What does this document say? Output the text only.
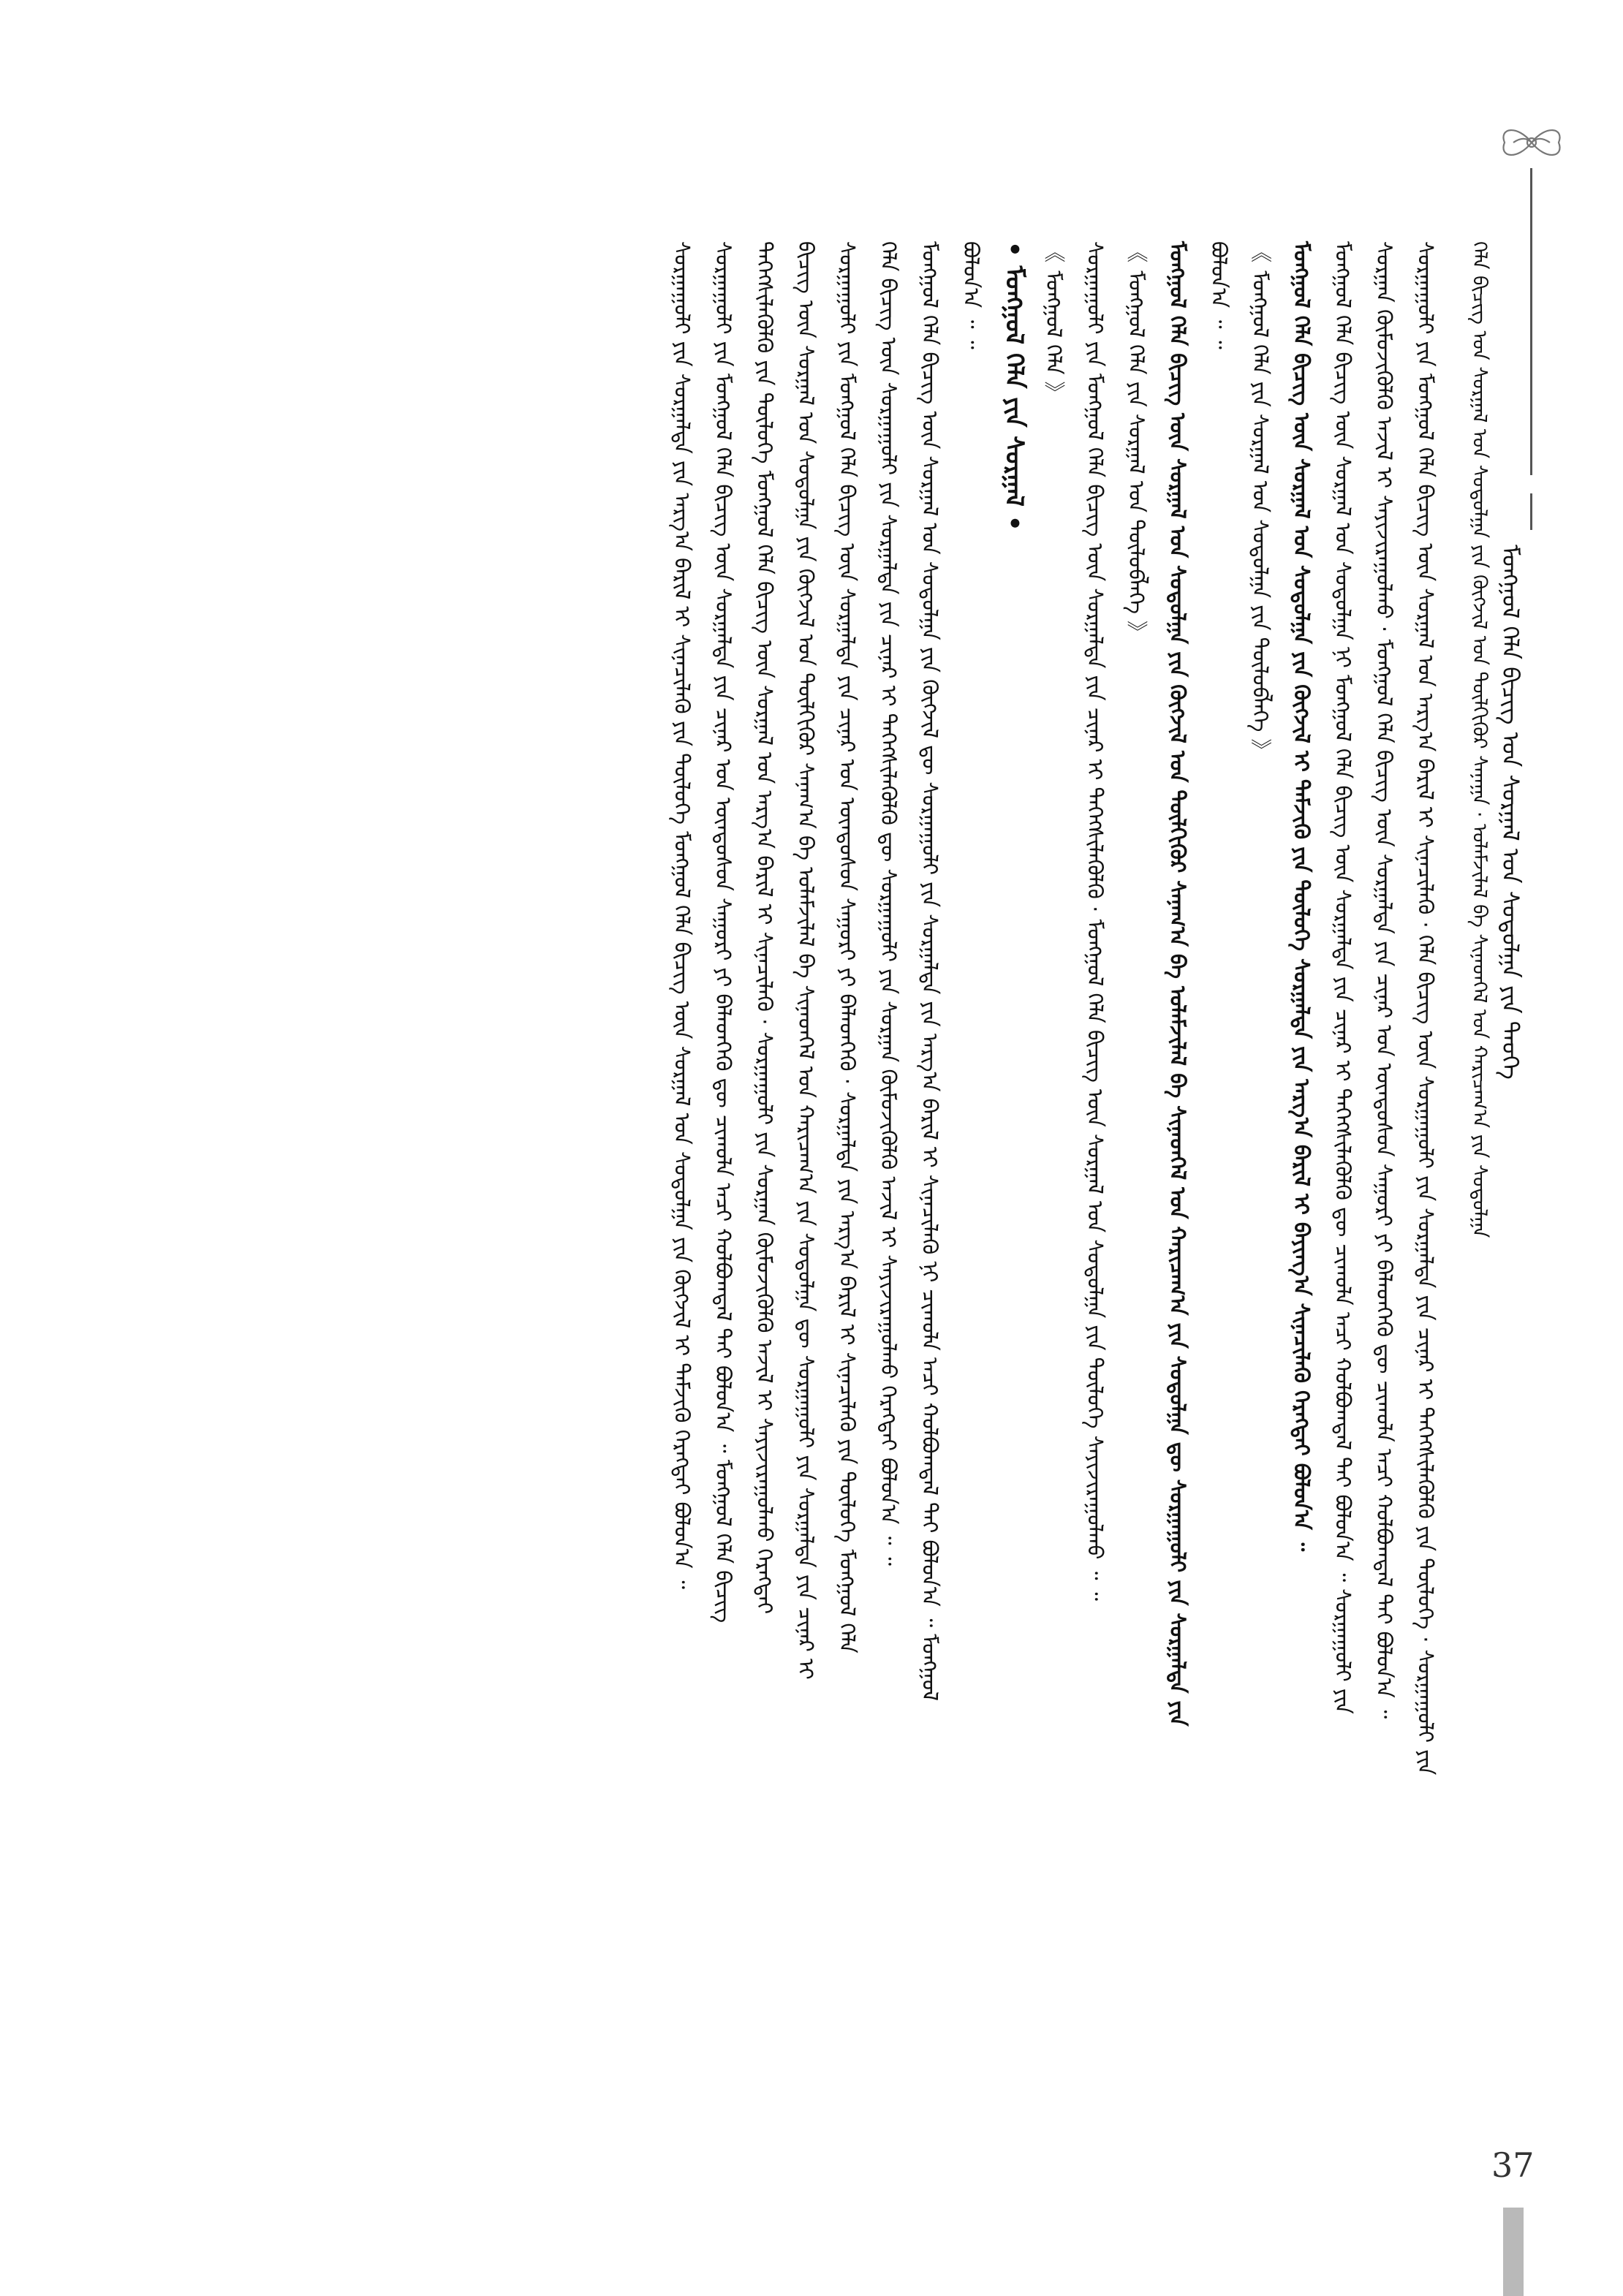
ᠮᠣᠩᠭᠣᠯ ᠬᠡᠯᠡ ᠪᠢᠴᠢᠭ ᠤᠨ ᠰᠤᠷᠭᠠᠯ ᠤᠨ ᠰᠤᠳᠤᠯᠭᠠ ᠶᠢᠨ ᠲᠡᠦᠬᠡ
ᠬᠡᠯᠡ ᠪᠢᠴᠢᠭ ᠤᠨ ᠰᠤᠷᠭᠠᠯ ᠤᠨ ᠰᠤᠳᠤᠯᠭᠠ ᠶᠢᠨ ᠬᠥᠭᠵᠢᠯ ᠤᠨ ᠲᠦᠯᠬᠢᠭᠦᠷ ᠰᠠᠨᠠᠭᠠ · ᠤᠯᠠᠮᠵᠢᠯᠠᠯ ᠪᠠ ᠰᠢᠨᠡᠳᠬᠡᠯ ᠤᠨ ᠬᠠᠷᠢᠴᠠᠭ᠎ᠠ ᠶᠢᠨ ᠰᠤᠳᠤᠯᠭᠠ
ᠰᠤᠷᠭᠠᠭᠤᠯᠢ ᠶᠢᠨ ᠮᠣᠩᠭᠣᠯ ᠬᠡᠯᠡ ᠪᠢᠴᠢᠭ ᠦᠨ ᠰᠤᠷᠭᠠᠯ ᠤᠨ ᠠᠷᠭ᠎ᠠ ᠪᠠᠷᠢᠯ ᠢ ᠰᠢᠨᠡᠴᠢᠯᠡᠬᠦ · ᠬᠡᠯᠡ ᠪᠢᠴᠢᠭ ᠦᠨ ᠰᠤᠷᠭᠠᠭᠤᠯᠢ ᠶᠢᠨ ᠰᠤᠷᠭᠠᠯᠲᠠ ᠶᠢᠨ ᠴᠢᠨᠠᠷ ᠢ ᠳᠡᠭᠡᠭᠰᠢᠯᠡᠭᠦᠯᠬᠦ ᠶᠢᠨ ᠲᠥᠯᠥᠭᠡ · ᠰᠤᠷᠭᠠᠭᠤᠯᠢ ᠶᠢᠨ
ᠰᠤᠷᠭᠠᠨ ᠬᠥᠮᠦᠵᠢᠭᠦᠯᠬᠦ ᠠᠵᠢᠯ ᠢ ᠰᠠᠶᠢᠵᠢᠷᠠᠭᠤᠯᠬᠤ · ᠮᠣᠩᠭᠣᠯ ᠬᠡᠯᠡ ᠪᠢᠴᠢᠭ ᠦᠨ ᠰᠤᠷᠭᠠᠯᠲᠠ ᠶᠢᠨ ᠴᠢᠨᠠᠷ ᠤᠨ ᠦᠨᠳᠦᠰᠦᠨ ᠰᠠᠭᠤᠷᠢ ᠶᠢ ᠪᠡᠯᠡᠳᠬᠡᠬᠦ ᠳᠦ ᠴᠢᠬᠤᠯᠠ ᠠᠴᠢ ᠬᠣᠯᠪᠣᠭᠳᠠᠯ ᠲᠠᠶ ᠪᠣᠯᠤᠨ᠎ᠠ ᠃
ᠮᠣᠩᠭᠣᠯ ᠬᠡᠯᠡ ᠪᠢᠴᠢᠭ ᠦᠨ ᠰᠤᠷᠭᠠᠯ ᠤᠨ ᠰᠤᠳᠤᠯᠭᠠ ᠨᠢ ᠮᠣᠩᠭᠣᠯ ᠬᠡᠯᠡ ᠪᠢᠴᠢᠭ ᠦᠨ ᠰᠤᠷᠭᠠᠯᠲᠠ ᠶᠢᠨ ᠴᠢᠨᠠᠷ ᠢ ᠳᠡᠭᠡᠭᠰᠢᠯᠡᠭᠦᠯᠬᠦ ᠳᠦ ᠴᠢᠬᠤᠯᠠ ᠠᠴᠢ ᠬᠣᠯᠪᠣᠭᠳᠠᠯ ᠲᠠᠶ ᠪᠣᠯᠤᠨ᠎ᠠ ᠃ ᠰᠤᠷᠭᠠᠭᠤᠯᠢ ᠶᠢᠨ
ᠮᠣᠩᠭᠣᠯ ᠬᠡᠯᠡ ᠪᠢᠴᠢᠭ ᠦᠨ ᠰᠤᠷᠭᠠᠯ ᠤᠨ ᠰᠤᠳᠤᠯᠭᠠ ᠶᠢᠨ ᠬᠥᠭᠵᠢᠯ ᠢ ᠳᠡᠮᠵᠢᠬᠦ ᠶᠢᠨ ᠲᠥᠯᠥᠭᠡ ᠰᠤᠷᠭᠠᠯᠲᠠ ᠶᠢᠨ ᠠᠷᠭ᠎ᠠ ᠪᠠᠷᠢᠯ ᠢ ᠪᠠᠶᠢᠨᠭ᠎ᠠ ᠰᠢᠨᠡᠴᠢᠯᠡᠬᠦ ᠬᠡᠷᠡᠭᠲᠡᠢ ᠪᠣᠯᠤᠨ᠎ᠠ ᠃
《 ᠮᠣᠩᠭᠣᠯ ᠬᠡᠯᠡ ᠶᠢᠨ ᠰᠤᠷᠭᠠᠯ ᠤᠨ ᠰᠤᠳᠤᠯᠭᠠ ᠶᠢᠨ ᠲᠥᠯᠥᠪᠯᠡᠭᠡ 》
ᠪᠣᠯᠤᠨ᠎ᠠ ᠃ ᠃
ᠮᠣᠩᠭᠣᠯ ᠬᠡᠯᠡ ᠪᠢᠴᠢᠭ ᠦᠨ ᠰᠤᠷᠭᠠᠯ ᠤᠨ ᠰᠤᠳᠤᠯᠭᠠ ᠶᠢᠨ ᠬᠥᠭᠵᠢᠯ ᠤᠨ ᠲᠦᠯᠬᠢᠭᠦᠷ ᠰᠠᠨᠠᠭ᠎ᠠ ᠪᠠ ᠤᠯᠠᠮᠵᠢᠯᠠᠯ ᠪᠠ ᠰᠢᠨᠡᠳᠬᠡᠯ ᠤᠨ ᠬᠠᠷᠢᠴᠠᠭ᠎ᠠ ᠶᠢᠨ ᠰᠤᠳᠤᠯᠭᠠ ᠳᠦ ᠰᠤᠷᠭᠠᠭᠤᠯᠢ ᠶᠢᠨ ᠰᠤᠷᠭᠠᠯᠲᠠ ᠶᠢᠨ
《 ᠮᠣᠩᠭᠣᠯ ᠬᠡᠯᠡ ᠶᠢᠨ ᠰᠤᠷᠭᠠᠯ ᠤᠨ ᠲᠥᠯᠥᠪᠯᠡᠭᠡ 》
ᠰᠤᠷᠭᠠᠭᠤᠯᠢ ᠶᠢᠨ ᠮᠣᠩᠭᠣᠯ ᠬᠡᠯᠡ ᠪᠢᠴᠢᠭ ᠦᠨ ᠰᠤᠷᠭᠠᠯᠲᠠ ᠶᠢᠨ ᠴᠢᠨᠠᠷ ᠢ ᠳᠡᠭᠡᠭᠰᠢᠯᠡᠭᠦᠯᠬᠦ · ᠮᠣᠩᠭᠣᠯ ᠬᠡᠯᠡ ᠪᠢᠴᠢᠭ ᠦᠨ ᠰᠤᠷᠭᠠᠯ ᠤᠨ ᠰᠤᠳᠤᠯᠭᠠ ᠶᠢᠨ ᠲᠥᠯᠥᠭᠡ ᠰᠠᠶᠢᠵᠢᠷᠠᠭᠤᠯᠬᠤ ᠃ ᠃
《 ᠮᠣᠩᠭᠣᠯ ᠬᠡᠯᠡ 》
• ᠮᠣᠩᠭᠣᠯ ᠬᠡᠯᠡ ᠶᠢᠨ ᠰᠤᠷᠭᠠᠯ •
ᠪᠣᠯᠤᠨ᠎ᠠ ᠃ ᠃
ᠮᠣᠩᠭᠣᠯ ᠬᠡᠯᠡ ᠪᠢᠴᠢᠭ ᠦᠨ ᠰᠤᠷᠭᠠᠯ ᠤᠨ ᠰᠤᠳᠤᠯᠭᠠ ᠶᠢᠨ ᠬᠥᠭᠵᠢᠯ ᠳᠦ ᠰᠤᠷᠭᠠᠭᠤᠯᠢ ᠶᠢᠨ ᠰᠤᠷᠭᠠᠯᠲᠠ ᠶᠢᠨ ᠠᠷᠭ᠎ᠠ ᠪᠠᠷᠢᠯ ᠢ ᠰᠢᠨᠡᠴᠢᠯᠡᠬᠦ ᠨᠢ ᠴᠢᠬᠤᠯᠠ ᠠᠴᠢ ᠬᠣᠯᠪᠣᠭᠳᠠᠯ ᠲᠠᠶ ᠪᠣᠯᠤᠨ᠎ᠠ ᠃ ᠮᠣᠩᠭᠣᠯ
ᠬᠡᠯᠡ ᠪᠢᠴᠢᠭ ᠦᠨ ᠰᠤᠷᠭᠠᠭᠤᠯᠢ ᠶᠢᠨ ᠰᠤᠷᠭᠠᠯᠲᠠ ᠶᠢᠨ ᠴᠢᠨᠠᠷ ᠢ ᠳᠡᠭᠡᠭᠰᠢᠯᠡᠭᠦᠯᠬᠦ ᠳᠦ ᠰᠤᠷᠭᠠᠭᠤᠯᠢ ᠶᠢᠨ ᠰᠤᠷᠭᠠᠨ ᠬᠥᠮᠦᠵᠢᠭᠦᠯᠬᠦ ᠠᠵᠢᠯ ᠢ ᠰᠠᠶᠢᠵᠢᠷᠠᠭᠤᠯᠬᠤ ᠬᠡᠷᠡᠭᠲᠡᠢ ᠪᠣᠯᠤᠨ᠎ᠠ ᠃ ᠃
ᠰᠤᠷᠭᠠᠭᠤᠯᠢ ᠶᠢᠨ ᠮᠣᠩᠭᠣᠯ ᠬᠡᠯᠡ ᠪᠢᠴᠢᠭ ᠦᠨ ᠰᠤᠷᠭᠠᠯᠲᠠ ᠶᠢᠨ ᠴᠢᠨᠠᠷ ᠤᠨ ᠦᠨᠳᠦᠰᠦᠨ ᠰᠠᠭᠤᠷᠢ ᠶᠢ ᠪᠡᠯᠡᠳᠬᠡᠬᠦ · ᠰᠤᠷᠭᠠᠯᠲᠠ ᠶᠢᠨ ᠠᠷᠭ᠎ᠠ ᠪᠠᠷᠢᠯ ᠢ ᠰᠢᠨᠡᠴᠢᠯᠡᠬᠦ ᠶᠢᠨ ᠲᠥᠯᠥᠭᠡ ᠮᠣᠩᠭᠣᠯ ᠬᠡᠯᠡ
ᠪᠢᠴᠢᠭ ᠦᠨ ᠰᠤᠷᠭᠠᠯ ᠤᠨ ᠰᠤᠳᠤᠯᠭᠠ ᠶᠢᠨ ᠬᠥᠭᠵᠢᠯ ᠤᠨ ᠲᠦᠯᠬᠢᠭᠦᠷ ᠰᠠᠨᠠᠭ᠎ᠠ ᠪᠠ ᠤᠯᠠᠮᠵᠢᠯᠠᠯ ᠪᠠ ᠰᠢᠨᠡᠳᠬᠡᠯ ᠤᠨ ᠬᠠᠷᠢᠴᠠᠭ᠎ᠠ ᠶᠢᠨ ᠰᠤᠳᠤᠯᠭᠠ ᠳᠦ ᠰᠤᠷᠭᠠᠭᠤᠯᠢ ᠶᠢᠨ ᠰᠤᠷᠭᠠᠯᠲᠠ ᠶᠢᠨ ᠴᠢᠨᠠᠷ ᠢ
ᠳᠡᠭᠡᠭᠰᠢᠯᠡᠭᠦᠯᠬᠦ ᠶᠢᠨ ᠲᠥᠯᠥᠭᠡ ᠮᠣᠩᠭᠣᠯ ᠬᠡᠯᠡ ᠪᠢᠴᠢᠭ ᠦᠨ ᠰᠤᠷᠭᠠᠯ ᠤᠨ ᠠᠷᠭ᠎ᠠ ᠪᠠᠷᠢᠯ ᠢ ᠰᠢᠨᠡᠴᠢᠯᠡᠬᠦ · ᠰᠤᠷᠭᠠᠭᠤᠯᠢ ᠶᠢᠨ ᠰᠤᠷᠭᠠᠨ ᠬᠥᠮᠦᠵᠢᠭᠦᠯᠬᠦ ᠠᠵᠢᠯ ᠢ ᠰᠠᠶᠢᠵᠢᠷᠠᠭᠤᠯᠬᠤ ᠬᠡᠷᠡᠭᠲᠡᠢ
ᠰᠤᠷᠭᠠᠭᠤᠯᠢ ᠶᠢᠨ ᠮᠣᠩᠭᠣᠯ ᠬᠡᠯᠡ ᠪᠢᠴᠢᠭ ᠦᠨ ᠰᠤᠷᠭᠠᠯᠲᠠ ᠶᠢᠨ ᠴᠢᠨᠠᠷ ᠤᠨ ᠦᠨᠳᠦᠰᠦᠨ ᠰᠠᠭᠤᠷᠢ ᠶᠢ ᠪᠡᠯᠡᠳᠬᠡᠬᠦ ᠳᠦ ᠴᠢᠬᠤᠯᠠ ᠠᠴᠢ ᠬᠣᠯᠪᠣᠭᠳᠠᠯ ᠲᠠᠶ ᠪᠣᠯᠤᠨ᠎ᠠ ᠃ ᠮᠣᠩᠭᠣᠯ ᠬᠡᠯᠡ ᠪᠢᠴᠢᠭ
ᠰᠤᠷᠭᠠᠭᠤᠯᠢ ᠶᠢᠨ ᠰᠤᠷᠭᠠᠯᠲᠠ ᠶᠢᠨ ᠠᠷᠭ᠎ᠠ ᠪᠠᠷᠢᠯ ᠢ ᠰᠢᠨᠡᠴᠢᠯᠡᠬᠦ ᠶᠢᠨ ᠲᠥᠯᠥᠭᠡ ᠮᠣᠩᠭᠣᠯ ᠬᠡᠯᠡ ᠪᠢᠴᠢᠭ ᠦᠨ ᠰᠤᠷᠭᠠᠯ ᠤᠨ ᠰᠤᠳᠤᠯᠭᠠ ᠶᠢᠨ ᠬᠥᠭᠵᠢᠯ ᠢ ᠳᠡᠮᠵᠢᠬᠦ ᠬᠡᠷᠡᠭᠲᠡᠢ ᠪᠣᠯᠤᠨ᠎ᠠ ᠃
37
